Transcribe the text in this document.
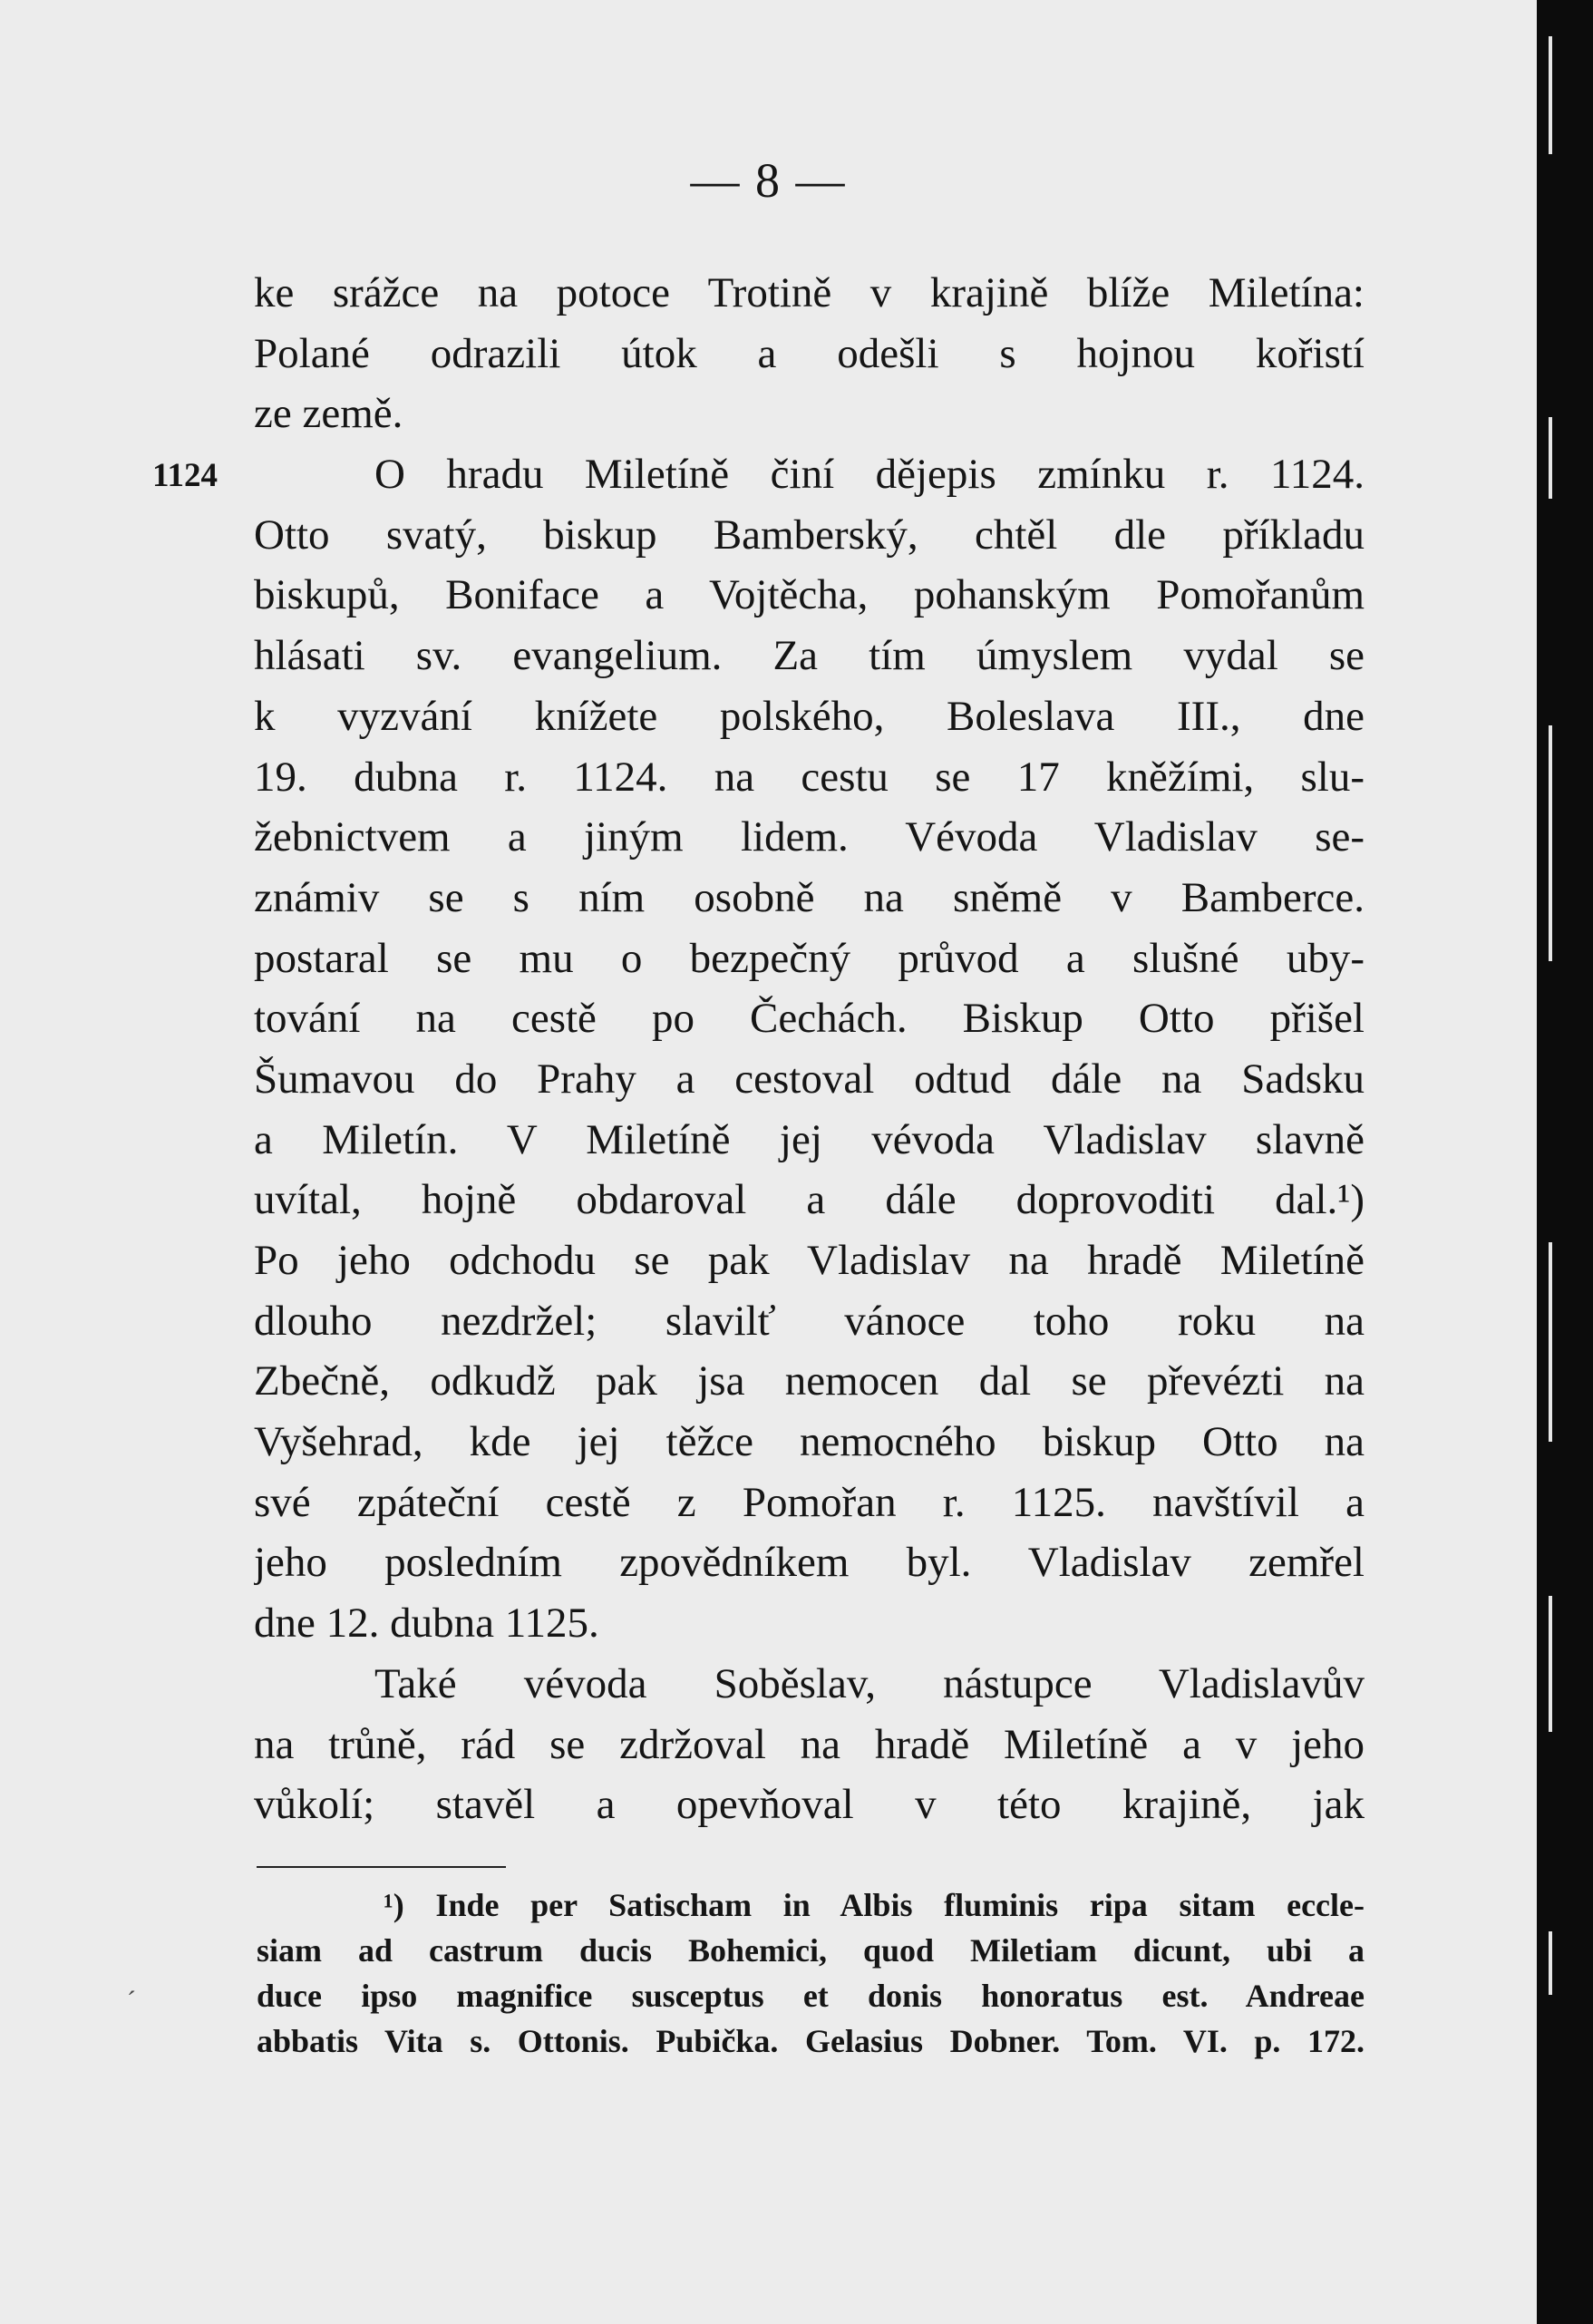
— 8 —
1124
ke srážce na potoce Trotině v krajině blíže Miletína:
Polané odrazili útok a odešli s hojnou kořistí
ze země.
O hradu Miletíně činí dějepis zmínku r. 1124.
Otto svatý, biskup Bamberský, chtěl dle příkladu
biskupů, Boniface a Vojtěcha, pohanským Pomořanům
hlásati sv. evangelium. Za tím úmyslem vydal se
k vyzvání knížete polského, Boleslava III., dne
19. dubna r. 1124. na cestu se 17 kněžími, slu-
žebnictvem a jiným lidem. Vévoda Vladislav se-
známiv se s ním osobně na sněmě v Bamberce.
postaral se mu o bezpečný průvod a slušné uby-
tování na cestě po Čechách. Biskup Otto přišel
Šumavou do Prahy a cestoval odtud dále na Sadsku
a Miletín. V Miletíně jej vévoda Vladislav slavně
uvítal, hojně obdaroval a dále doprovoditi dal.¹)
Po jeho odchodu se pak Vladislav na hradě Miletíně
dlouho nezdržel; slavilť vánoce toho roku na
Zbečně, odkudž pak jsa nemocen dal se převézti na
Vyšehrad, kde jej těžce nemocného biskup Otto na
své zpáteční cestě z Pomořan r. 1125. navštívil a
jeho posledním zpovědníkem byl. Vladislav zemřel
dne 12. dubna 1125.
Také vévoda Soběslav, nástupce Vladislavův
na trůně, rád se zdržoval na hradě Miletíně a v jeho
vůkolí; stavěl a opevňoval v této krajině, jak
¹) Inde per Satischam in Albis fluminis ripa sitam eccle-
siam ad castrum ducis Bohemici, quod Miletiam dicunt, ubi a
duce ipso magnifice susceptus et donis honoratus est. Andreae
abbatis Vita s. Ottonis. Pubička. Gelasius Dobner. Tom. VI. p. 172.
ˊ
